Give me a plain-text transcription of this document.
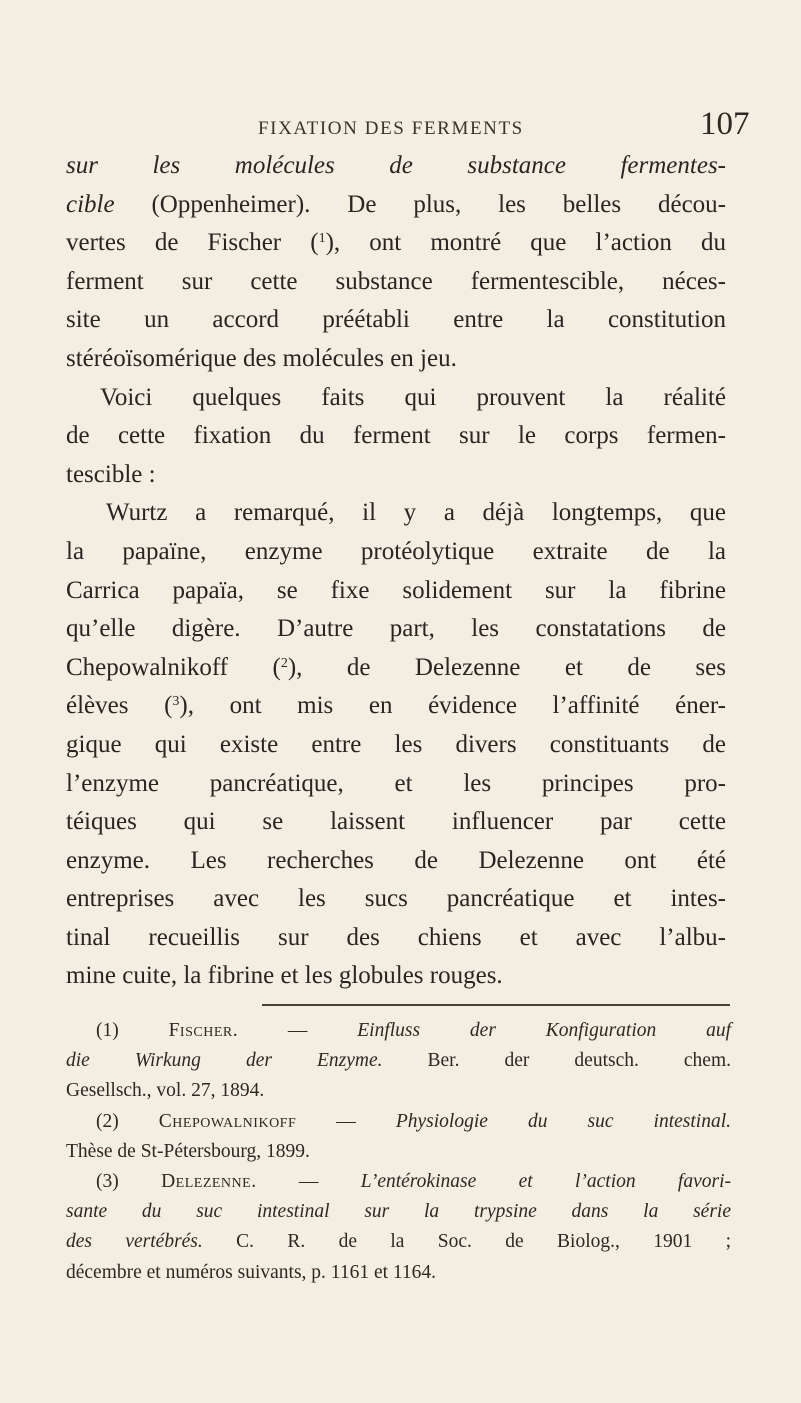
FIXATION DES FERMENTS	107
sur les molécules de substance fermentes-
cible (Oppenheimer). De plus, les belles décou-
vertes de Fischer ($^1$), ont montré que l’action du
ferment sur cette substance fermentescible, néces-
site un accord préétabli entre la constitution
stéréoïsomérique des molécules en jeu.
Voici quelques faits qui prouvent la réalité
de cette fixation du ferment sur le corps fermen-
tescible :
Wurtz a remarqué, il y a déjà longtemps, que
la papaïne, enzyme protéolytique extraite de la
Carrica papaïa, se fixe solidement sur la fibrine
qu’elle digère. D’autre part, les constatations de
Chepowalnikoff ($^2$), de Delezenne et de ses
élèves ($^3$), ont mis en évidence l’affinité éner-
gique qui existe entre les divers constituants de
l’enzyme pancréatique, et les principes pro-
téiques qui se laissent influencer par cette
enzyme. Les recherches de Delezenne ont été
entreprises avec les sucs pancréatique et intes-
tinal recueillis sur des chiens et avec l’albu-
mine cuite, la fibrine et les globules rouges.
(1)	Fischer. — Einfluss der Konfiguration auf
die Wirkung der Enzyme. Ber. der deutsch. chem.
Gesellsch., vol. 27, 1894.
(2) Chepowalnikoff — Physiologie du suc intestinal.
Thèse de St-Pétersbourg, 1899.
(3) Delezenne. — L’entérokinase et l’action favori-
sante du suc intestinal sur la trypsine dans la série
des vertébrés. C. R. de la Soc. de Biolog., 1901 ;
décembre et numéros suivants, p. 1161 et 1164.
